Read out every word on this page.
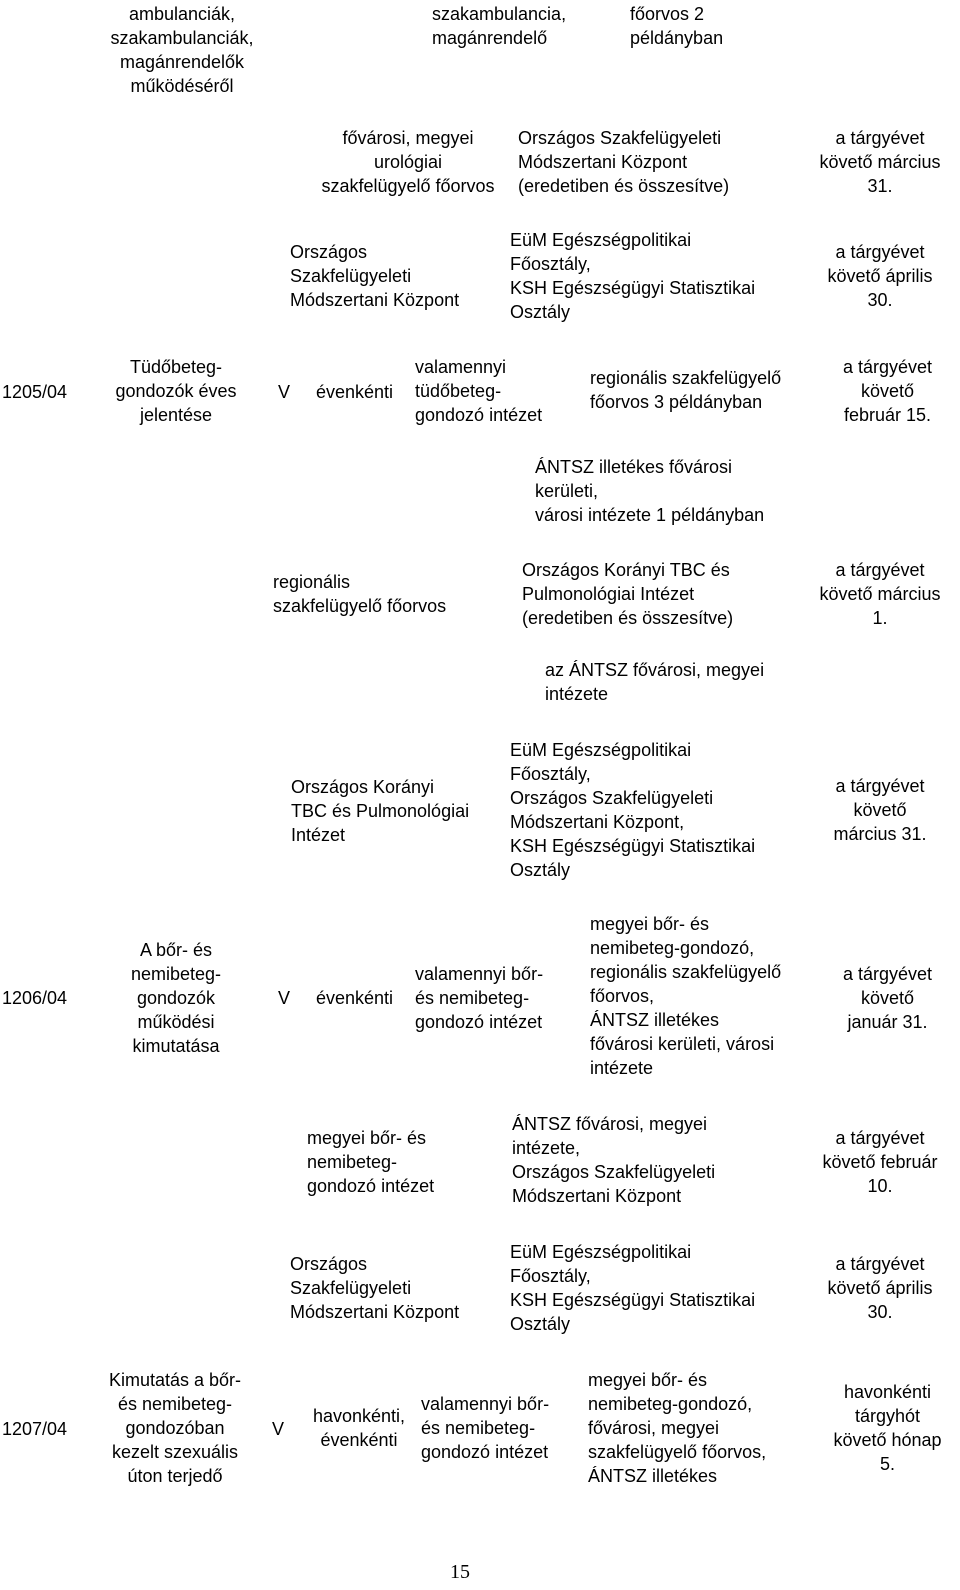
ambulanciák,
szakambulanciák,
magánrendelők
működéséről
szakambulancia,
magánrendelő
főorvos 2
példányban
fővárosi, megyei
urológiai
szakfelügyelő főorvos
Országos Szakfelügyeleti
Módszertani Központ
(eredetiben és összesítve)
a tárgyévet
követő március
31.
Országos
Szakfelügyeleti
Módszertani Központ
EüM Egészségpolitikai
Főosztály,
KSH Egészségügyi Statisztikai
Osztály
a tárgyévet
követő április
30.
1205/04
Tüdőbeteg-
gondozók éves
jelentése
V	évenkénti
valamennyi
tüdőbeteg-
gondozó intézet
regionális szakfelügyelő
főorvos 3 példányban
a tárgyévet
követő
február 15.
ÁNTSZ illetékes fővárosi
kerületi,
városi intézete 1 példányban
regionális
szakfelügyelő főorvos
Országos Korányi TBC és
Pulmonológiai Intézet
(eredetiben és összesítve)
a tárgyévet
követő március
1.
az ÁNTSZ fővárosi, megyei
intézete
Országos Korányi
TBC és Pulmonológiai
Intézet
EüM Egészségpolitikai
Főosztály,
Országos Szakfelügyeleti
Módszertani Központ,
KSH Egészségügyi Statisztikai
Osztály
a tárgyévet
követő
március 31.
1206/04
A bőr- és
nemibeteg-
gondozók
működési
kimutatása
V	évenkénti
valamennyi bőr-
és nemibeteg-
gondozó intézet
megyei bőr- és
nemibeteg-gondozó,
regionális szakfelügyelő
főorvos,
ÁNTSZ illetékes
fővárosi kerületi, városi
intézete
a tárgyévet
követő
január 31.
megyei bőr- és
nemibeteg-
gondozó intézet
ÁNTSZ fővárosi, megyei
intézete,
Országos Szakfelügyeleti
Módszertani Központ
a tárgyévet
követő február
10.
Országos
Szakfelügyeleti
Módszertani Központ
EüM Egészségpolitikai
Főosztály,
KSH Egészségügyi Statisztikai
Osztály
a tárgyévet
követő április
30.
1207/04
Kimutatás a bőr-
és nemibeteg-
gondozóban
kezelt szexuális
úton terjedő
V
havonkénti,
évenkénti
valamennyi bőr-
és nemibeteg-
gondozó intézet
megyei bőr- és
nemibeteg-gondozó,
fővárosi, megyei
szakfelügyelő főorvos,
ÁNTSZ illetékes
havonkénti
tárgyhót
követő hónap
5.
15
